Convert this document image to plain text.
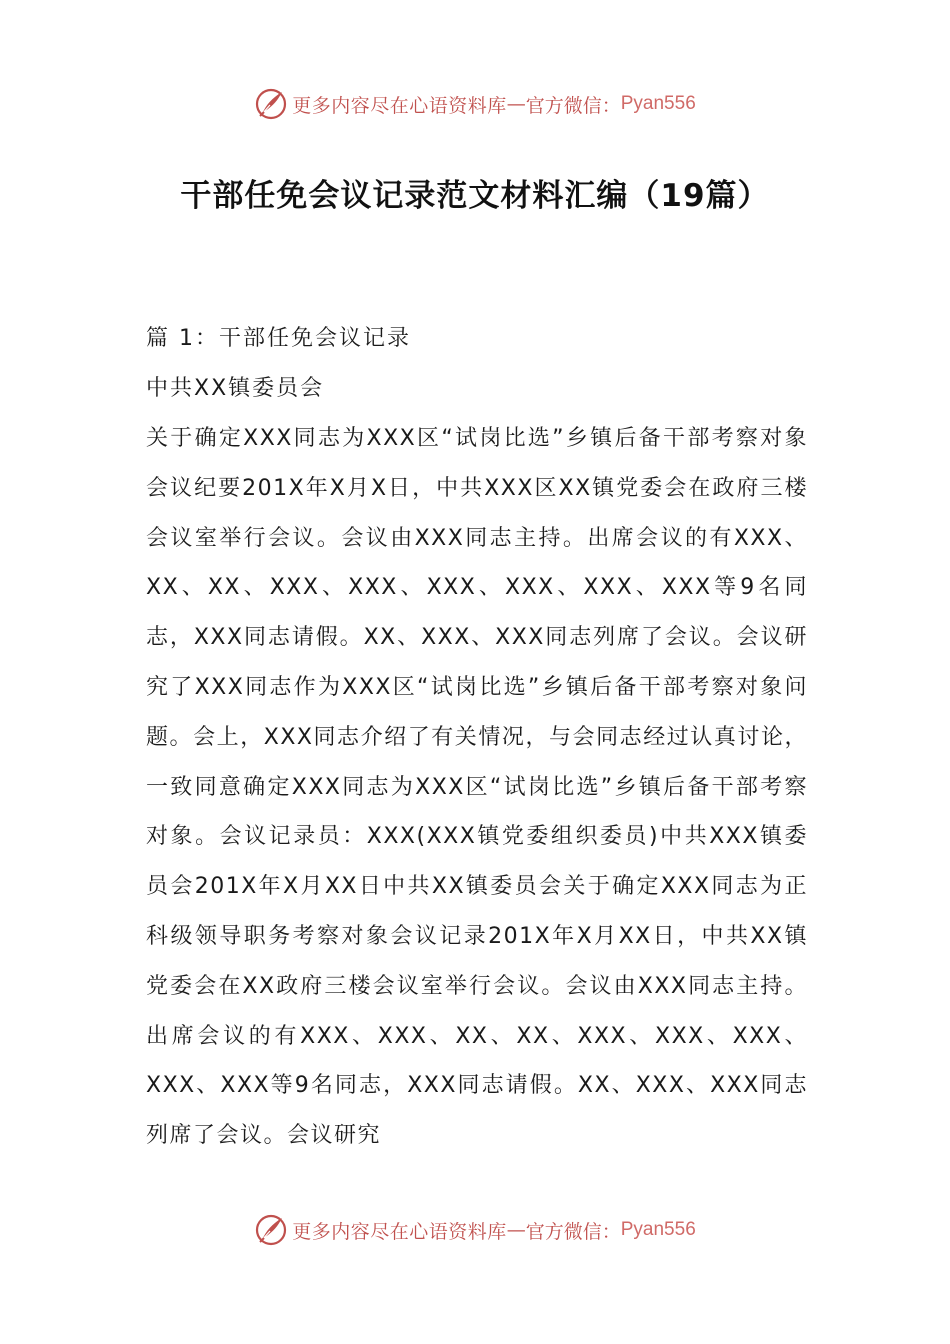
更多内容尽在心语资料库 — 官方微信： Pyan556
干部任免会议记录范文材料汇编（19篇）

篇 1：干部任免会议记录

中共XX镇委员会

关于确定XXX同志为XXX区“试岗比选”乡镇后备干部考察对象会议纪要201X年X月X日，中共XXX区XX镇党委会在政府三楼会议室举行会议。会议由XXX同志主持。出席会议的有XXX、XX、XX、XXX、XXX、XXX、XXX、XXX、XXX等9名同志，XXX同志请假。XX、XXX、XXX同志列席了会议。会议研究了XXX同志作为XXX区“试岗比选”乡镇后备干部考察对象问题。会上，XXX同志介绍了有关情况，与会同志经过认真讨论，一致同意确定XXX同志为XXX区“试岗比选”乡镇后备干部考察对象。会议记录员：XXX(XXX镇党委组织委员)中共XXX镇委员会201X年X月XX日中共XX镇委员会关于确定XXX同志为正科级领导职务考察对象会议记录201X年X月XX日，中共XX镇党委会在XX政府三楼会议室举行会议。会议由XXX同志主持。出席会议的有XXX、XXX、XX、XX、XXX、XXX、XXX、XXX、XXX等9名同志，XXX同志请假。XX、XXX、XXX同志列席了会议。会议研究

更多内容尽在心语资料库 — 官方微信： Pyan556
